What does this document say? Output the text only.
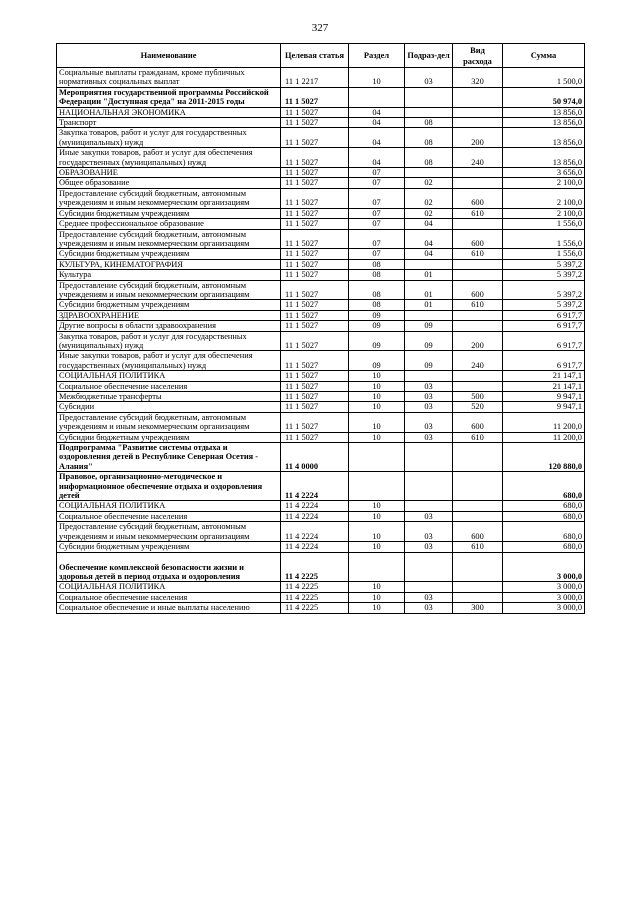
327
Наименование	Целевая статья	Раздел	Подраз-дел	Вид расхода	Сумма
Социальные выплаты гражданам, кроме публичных нормативных социальных выплат	11 1 2217	10	03	320	1 500,0
Мероприятия государственной программы Российской Федерации "Доступная среда" на 2011-2015 годы	11 1 5027				50 974,0
НАЦИОНАЛЬНАЯ ЭКОНОМИКА	11 1 5027	04			13 856,0
Транспорт	11 1 5027	04	08		13 856,0
Закупка товаров, работ и услуг для государственных (муниципальных) нужд	11 1 5027	04	08	200	13 856,0
Иные закупки товаров, работ и услуг для обеспечения государственных (муниципальных) нужд	11 1 5027	04	08	240	13 856,0
ОБРАЗОВАНИЕ	11 1 5027	07			3 656,0
Общее образование	11 1 5027	07	02		2 100,0
Предоставление субсидий бюджетным, автономным учреждениям и иным некоммерческим организациям	11 1 5027	07	02	600	2 100,0
Субсидии бюджетным учреждениям	11 1 5027	07	02	610	2 100,0
Среднее профессиональное образование	11 1 5027	07	04		1 556,0
Предоставление субсидий бюджетным, автономным учреждениям и иным некоммерческим организациям	11 1 5027	07	04	600	1 556,0
Субсидии бюджетным учреждениям	11 1 5027	07	04	610	1 556,0
КУЛЬТУРА, КИНЕМАТОГРАФИЯ	11 1 5027	08			5 397,2
Культура	11 1 5027	08	01		5 397,2
Предоставление субсидий бюджетным, автономным учреждениям и иным некоммерческим организациям	11 1 5027	08	01	600	5 397,2
Субсидии бюджетным учреждениям	11 1 5027	08	01	610	5 397,2
ЗДРАВООХРАНЕНИЕ	11 1 5027	09			6 917,7
Другие вопросы в области здравоохранения	11 1 5027	09	09		6 917,7
Закупка товаров, работ и услуг для государственных (муниципальных) нужд	11 1 5027	09	09	200	6 917,7
Иные закупки товаров, работ и услуг для обеспечения государственных (муниципальных) нужд	11 1 5027	09	09	240	6 917,7
СОЦИАЛЬНАЯ ПОЛИТИКА	11 1 5027	10			21 147,1
Социальное обеспечение населения	11 1 5027	10	03		21 147,1
Межбюджетные трансферты	11 1 5027	10	03	500	9 947,1
Субсидии	11 1 5027	10	03	520	9 947,1
Предоставление субсидий бюджетным, автономным учреждениям и иным некоммерческим организациям	11 1 5027	10	03	600	11 200,0
Субсидии бюджетным учреждениям	11 1 5027	10	03	610	11 200,0
Подпрограмма "Развитие системы отдыха и оздоровления детей в Республике Северная Осетия - Алания"	11 4 0000				120 880,0
Правовое, организационно-методическое и информационное обеспечение отдыха и оздоровления детей	11 4 2224				680,0
СОЦИАЛЬНАЯ ПОЛИТИКА	11 4 2224	10			680,0
Социальное обеспечение населения	11 4 2224	10	03		680,0
Предоставление субсидий бюджетным, автономным учреждениям и иным некоммерческим организациям	11 4 2224	10	03	600	680,0
Субсидии бюджетным учреждениям	11 4 2224	10	03	610	680,0
Обеспечение комплексной безопасности жизни и здоровья детей в период отдыха и оздоровления	11 4 2225				3 000,0
СОЦИАЛЬНАЯ ПОЛИТИКА	11 4 2225	10			3 000,0
Социальное обеспечение населения	11 4 2225	10	03		3 000,0
Социальное обеспечение и иные выплаты населению	11 4 2225	10	03	300	3 000,0
